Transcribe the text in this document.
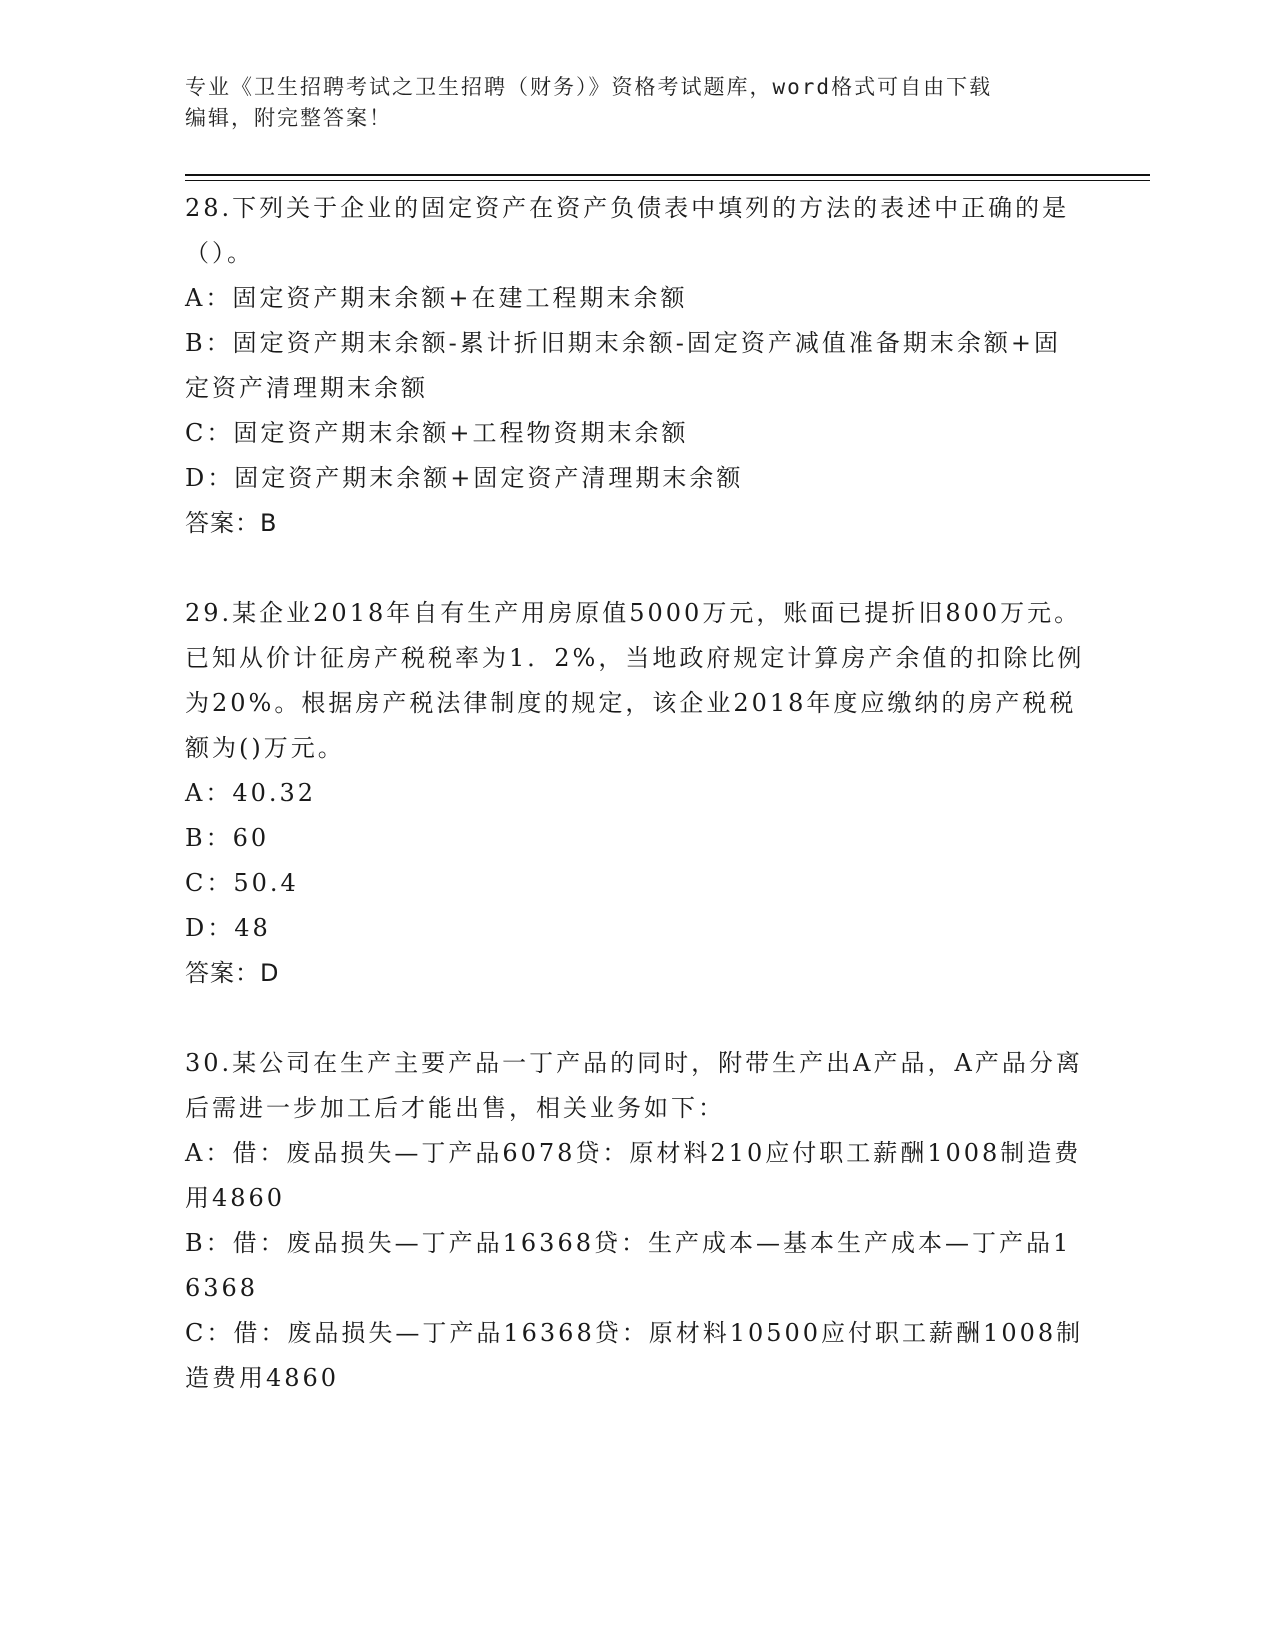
专业《卫生招聘考试之卫生招聘（财务）》资格考试题库，word格式可自由下载
编辑，附完整答案！

28.下列关于企业的固定资产在资产负债表中填列的方法的表述中正确的是（）。

A：固定资产期末余额+在建工程期末余额

B：固定资产期末余额-累计折旧期末余额-固定资产减值准备期末余额+固定资产清理期末余额

C：固定资产期末余额+工程物资期末余额

D：固定资产期末余额+固定资产清理期末余额

答案：B

29.某企业2018年自有生产用房原值5000万元，账面已提折旧800万元。已知从价计征房产税税率为1．2%，当地政府规定计算房产余值的扣除比例为20%。根据房产税法律制度的规定，该企业2018年度应缴纳的房产税税额为()万元。

A：40.32

B：60

C：50.4

D：48

答案：D

30.某公司在生产主要产品一丁产品的同时，附带生产出A产品，A产品分离后需进一步加工后才能出售，相关业务如下：

A：借：废品损失—丁产品6078贷：原材料210应付职工薪酬1008制造费用4860

B：借：废品损失—丁产品16368贷：生产成本—基本生产成本—丁产品16368

C：借：废品损失—丁产品16368贷：原材料10500应付职工薪酬1008制造费用4860
